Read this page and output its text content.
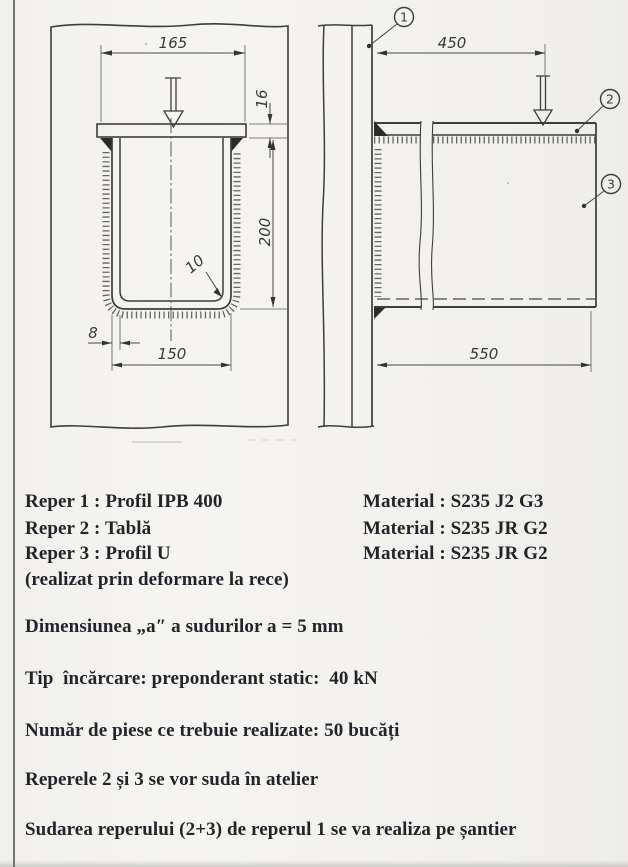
165
10
16
200
8
150
450
1
2
3
550
Reper 1 : Profil IPB 400	Material : S235 J2 G3
Reper 2 : Tablă	Material : S235 JR G2
Reper 3 : Profil U	Material : S235 JR G2
(realizat prin deformare la rece)
Dimensiunea „a″ a sudurilor a = 5 mm
Tip  încărcare: preponderant static:  40 kN
Număr de piese ce trebuie realizate: 50 bucăți
Reperele 2 și 3 se vor suda în atelier
Sudarea reperului (2+3) de reperul 1 se va realiza pe șantier
